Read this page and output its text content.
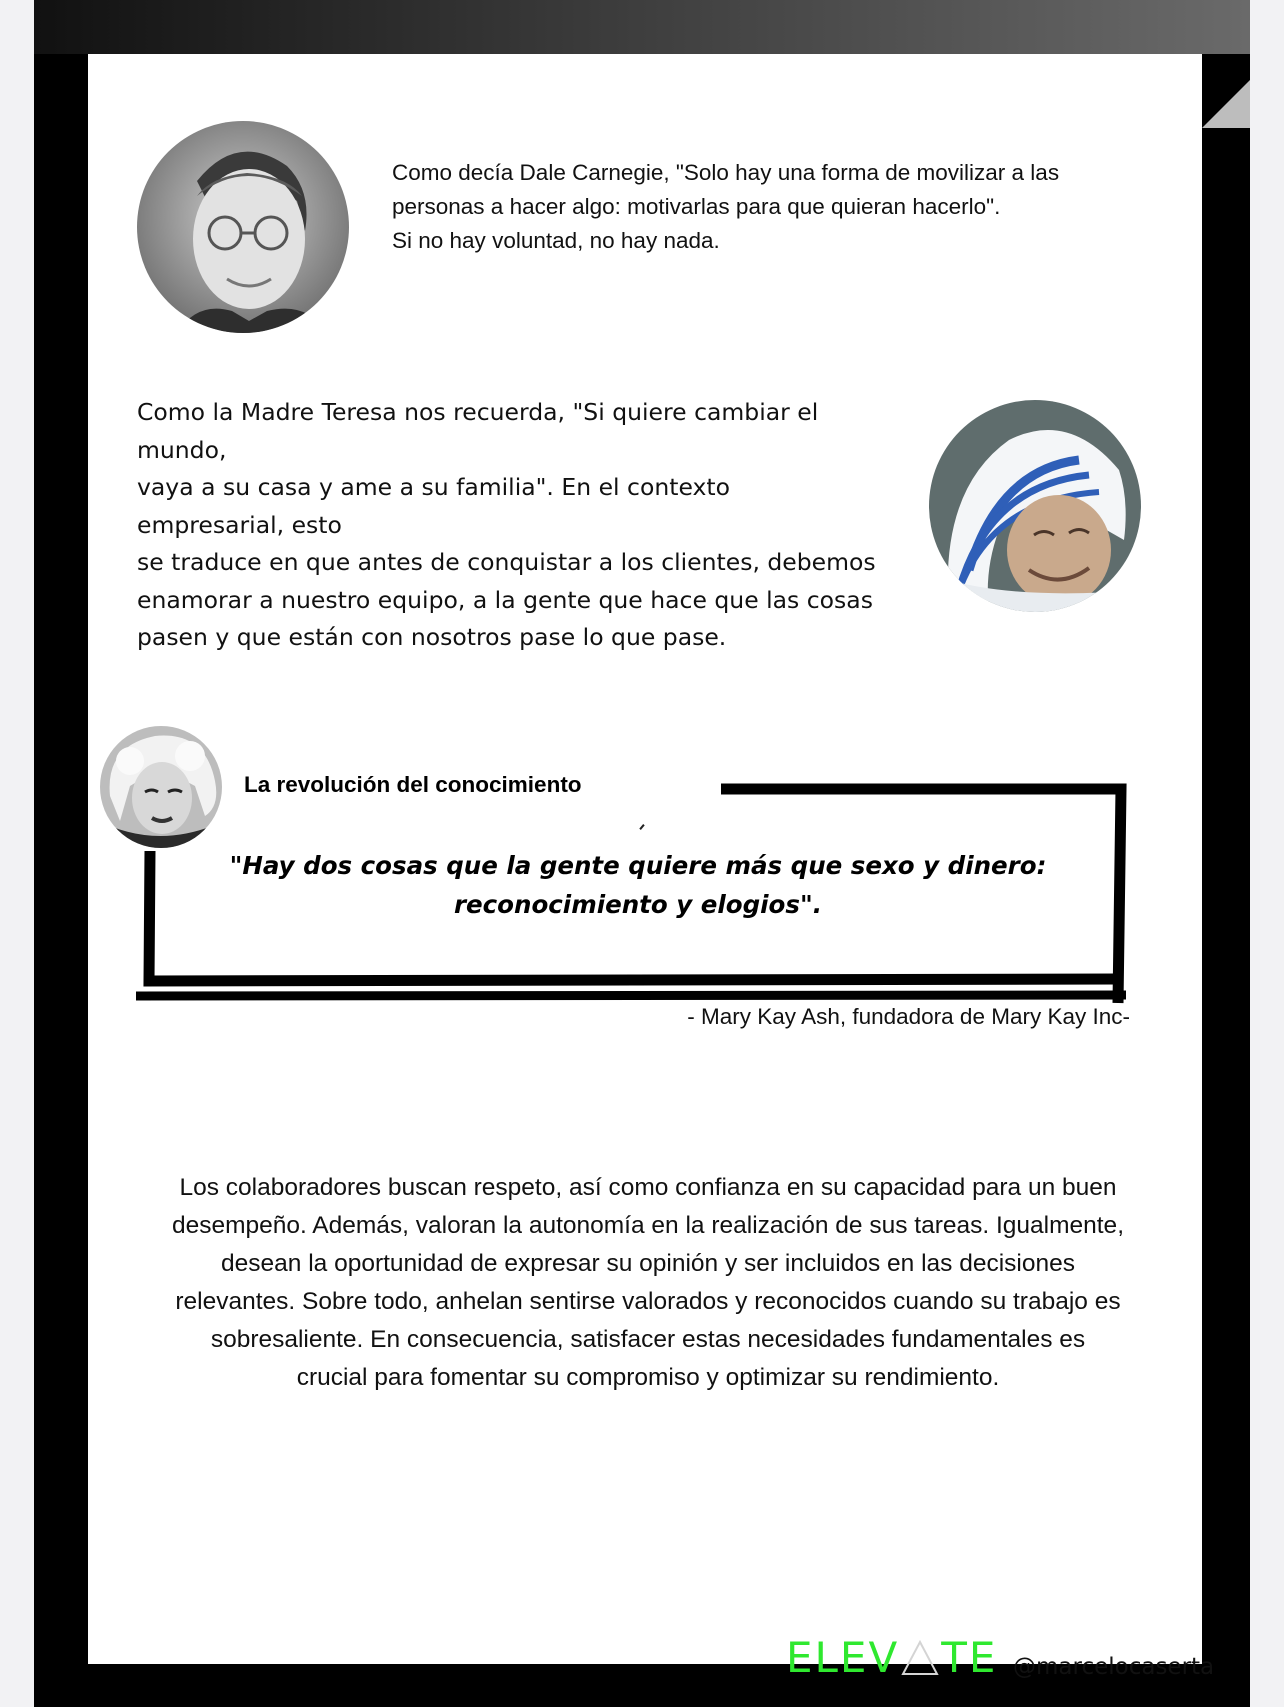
Como decía Dale Carnegie, "Solo hay una forma de movilizar a las personas a hacer algo: motivarlas para que quieran hacerlo".
Si no hay voluntad, no hay nada.
Como la Madre Teresa nos recuerda, "Si quiere cambiar el mundo,
vaya a su casa y ame a su familia". En el contexto empresarial, esto
se traduce en que antes de conquistar a los clientes, debemos
enamorar a nuestro equipo, a la gente que hace que las cosas
pasen y que están con nosotros pase lo que pase.
La revolución del conocimiento
"Hay dos cosas que la gente quiere más que sexo y dinero:
reconocimiento y elogios".
- Mary Kay Ash, fundadora de Mary Kay Inc-
Los colaboradores buscan respeto, así como confianza en su capacidad para un buen
desempeño. Además, valoran la autonomía en la realización de sus tareas. Igualmente,
desean la oportunidad de expresar su opinión y ser incluidos en las decisiones
relevantes. Sobre todo, anhelan sentirse valorados y reconocidos cuando su trabajo es
sobresaliente. En consecuencia, satisfacer estas necesidades fundamentales es
crucial para fomentar su compromiso y optimizar su rendimiento.
ELEV TE @marcelocaserta
